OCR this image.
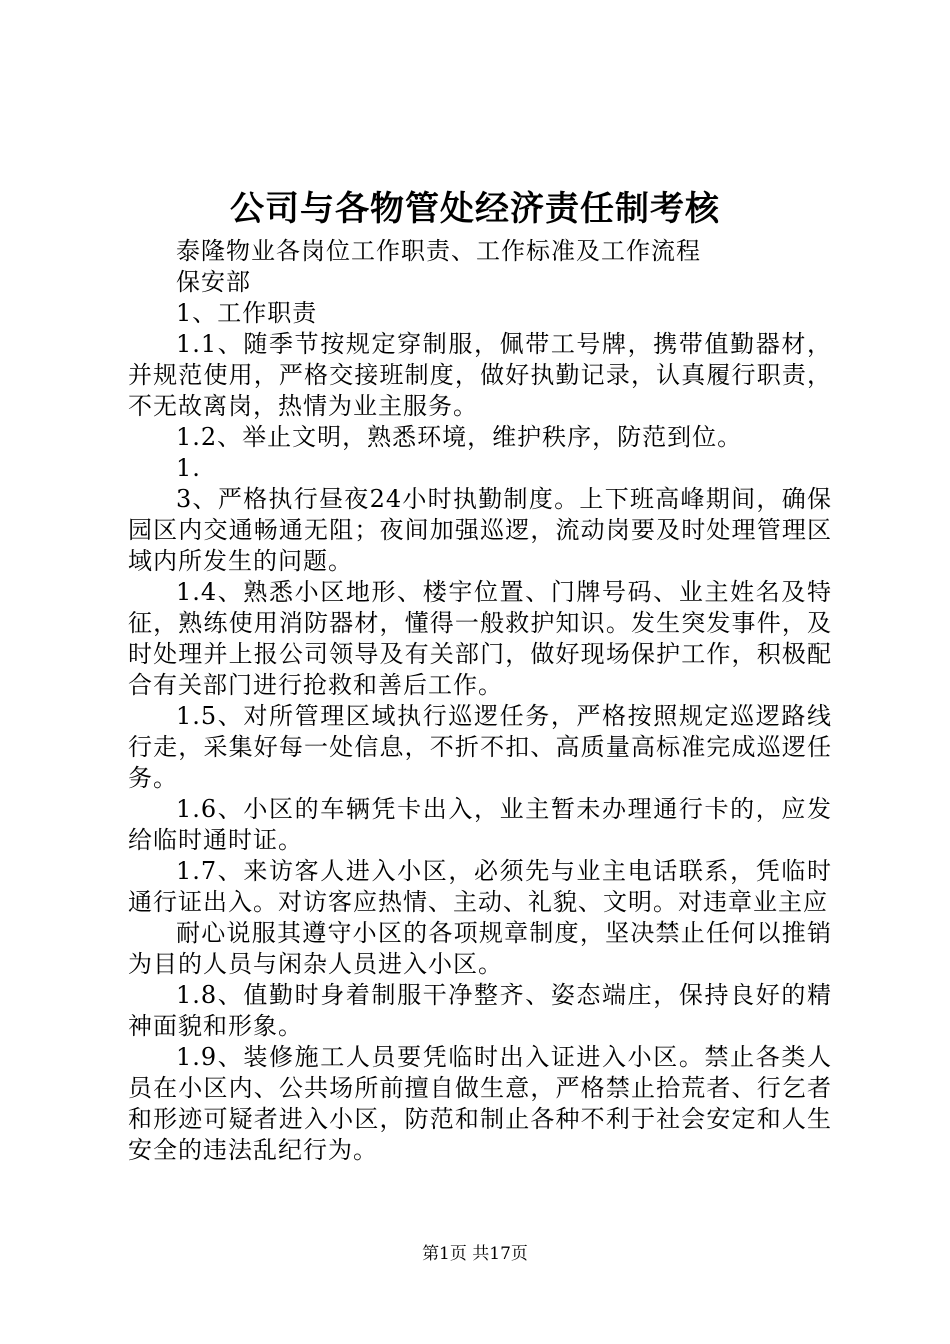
公司与各物管处经济责任制考核

泰隆物业各岗位工作职责、工作标准及工作流程

保安部

1、工作职责

1.1、随季节按规定穿制服，佩带工号牌，携带值勤器材，并规范使用，严格交接班制度，做好执勤记录，认真履行职责，不无故离岗，热情为业主服务。

1.2、举止文明，熟悉环境，维护秩序，防范到位。

1.

3、严格执行昼夜24小时执勤制度。上下班高峰期间，确保园区内交通畅通无阻；夜间加强巡逻，流动岗要及时处理管理区域内所发生的问题。

1.4、熟悉小区地形、楼宇位置、门牌号码、业主姓名及特征，熟练使用消防器材，懂得一般救护知识。发生突发事件，及时处理并上报公司领导及有关部门，做好现场保护工作，积极配合有关部门进行抢救和善后工作。

1.5、对所管理区域执行巡逻任务，严格按照规定巡逻路线行走，采集好每一处信息，不折不扣、高质量高标准完成巡逻任务。

1.6、小区的车辆凭卡出入，业主暂未办理通行卡的，应发给临时通时证。

1.7、来访客人进入小区，必须先与业主电话联系，凭临时通行证出入。对访客应热情、主动、礼貌、文明。对违章业主应

耐心说服其遵守小区的各项规章制度，坚决禁止任何以推销为目的人员与闲杂人员进入小区。

1.8、值勤时身着制服干净整齐、姿态端庄，保持良好的精神面貌和形象。

1.9、装修施工人员要凭临时出入证进入小区。禁止各类人员在小区内、公共场所前擅自做生意，严格禁止拾荒者、行乞者和形迹可疑者进入小区，防范和制止各种不利于社会安定和人生安全的违法乱纪行为。

第1页 共17页
